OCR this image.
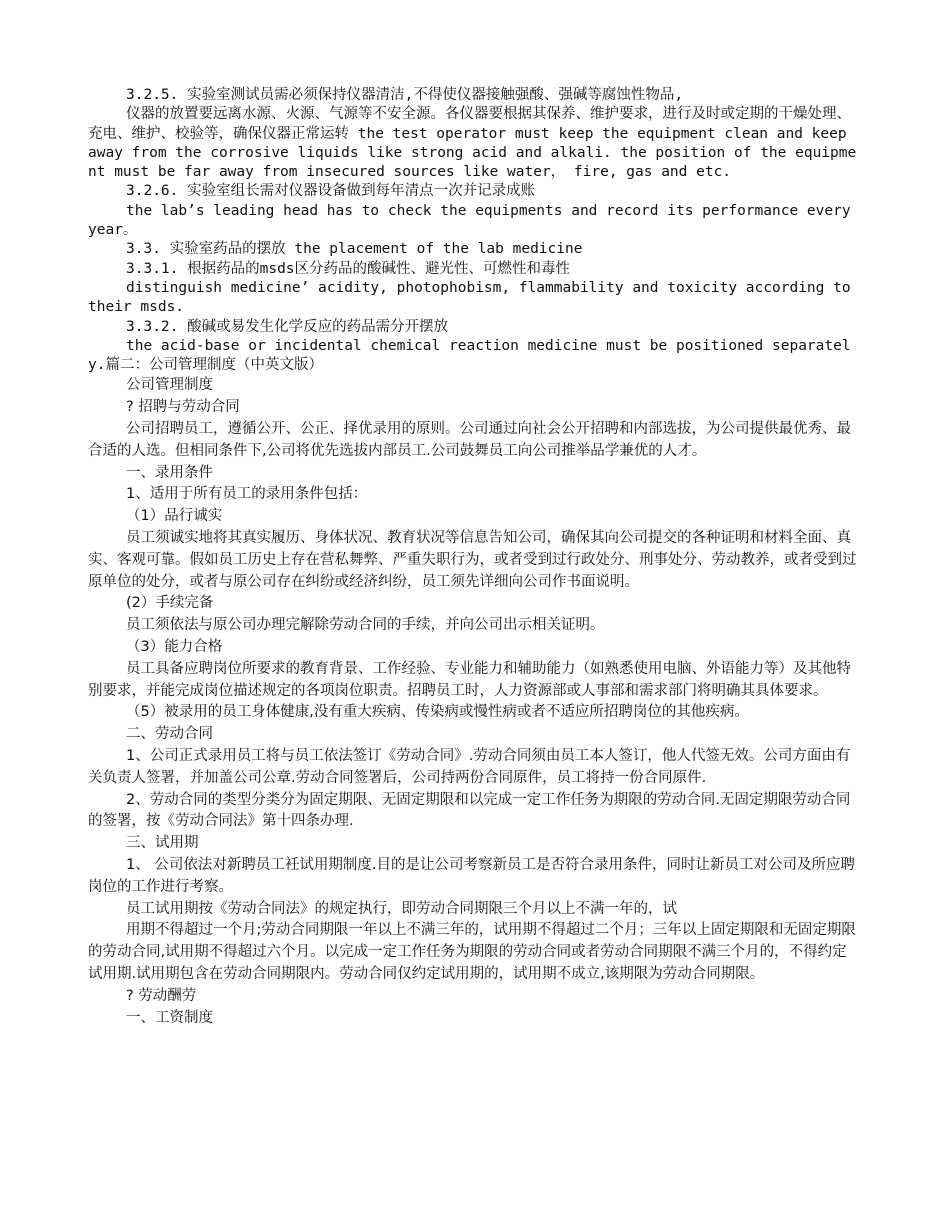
3.2.5. 实验室测试员需必须保持仪器清洁,不得使仪器接触强酸、强碱等腐蚀性物品,

仪器的放置要远离水源、火源、气源等不安全源。各仪器要根据其保养、维护要求，进行及时或定期的干燥处理、充电、维护、校验等，确保仪器正常运转 the test operator must keep the equipment clean and keep away from the corrosive liquids like strong acid and alkali. the position of the equipment must be far away from insecured sources like water， fire, gas and etc.

3.2.6. 实验室组长需对仪器设备做到每年清点一次并记录成账

the lab’s leading head has to check the equipments and record its performance every year。

3.3. 实验室药品的摆放 the placement of the lab medicine

3.3.1. 根据药品的msds区分药品的酸碱性、避光性、可燃性和毒性

distinguish medicine’ acidity, photophobism, flammability and toxicity according to their msds.

3.3.2. 酸碱或易发生化学反应的药品需分开摆放

the acid-base or incidental chemical reaction medicine must be positioned separately.篇二：公司管理制度（中英文版）

公司管理制度

? 招聘与劳动合同

公司招聘员工，遵循公开、公正、择优录用的原则。公司通过向社会公开招聘和内部选拔，为公司提供最优秀、最合适的人选。但相同条件下,公司将优先选拔内部员工.公司鼓舞员工向公司推举品学兼优的人才。

一、录用条件

1、适用于所有员工的录用条件包括：

（1）品行诚实

员工须诚实地将其真实履历、身体状况、教育状况等信息告知公司，确保其向公司提交的各种证明和材料全面、真实、客观可靠。假如员工历史上存在营私舞弊、严重失职行为，或者受到过行政处分、刑事处分、劳动教养，或者受到过原单位的处分，或者与原公司存在纠纷或经济纠纷，员工须先详细向公司作书面说明。

(2）手续完备

员工须依法与原公司办理完解除劳动合同的手续，并向公司出示相关证明。

（3）能力合格

员工具备应聘岗位所要求的教育背景、工作经验、专业能力和辅助能力（如熟悉使用电脑、外语能力等）及其他特别要求，并能完成岗位描述规定的各项岗位职责。招聘员工时，人力资源部或人事部和需求部门将明确其具体要求。

（5）被录用的员工身体健康,没有重大疾病、传染病或慢性病或者不适应所招聘岗位的其他疾病。

二、劳动合同

1、公司正式录用员工将与员工依法签订《劳动合同》.劳动合同须由员工本人签订，他人代签无效。公司方面由有关负责人签署，并加盖公司公章.劳动合同签署后，公司持两份合同原件，员工将持一份合同原件.

2、劳动合同的类型分类分为固定期限、无固定期限和以完成一定工作任务为期限的劳动合同.无固定期限劳动合同的签署，按《劳动合同法》第十四条办理.

三、试用期

1、 公司依法对新聘员工衽试用期制度.目的是让公司考察新员工是否符合录用条件，同时让新员工对公司及所应聘岗位的工作进行考察。

员工试用期按《劳动合同法》的规定执行，即劳动合同期限三个月以上不满一年的，试

用期不得超过一个月;劳动合同期限一年以上不满三年的，试用期不得超过二个月；三年以上固定期限和无固定期限的劳动合同,试用期不得超过六个月。以完成一定工作任务为期限的劳动合同或者劳动合同期限不满三个月的，不得约定试用期.试用期包含在劳动合同期限内。劳动合同仅约定试用期的，试用期不成立,该期限为劳动合同期限。

? 劳动酬劳

一、工资制度
